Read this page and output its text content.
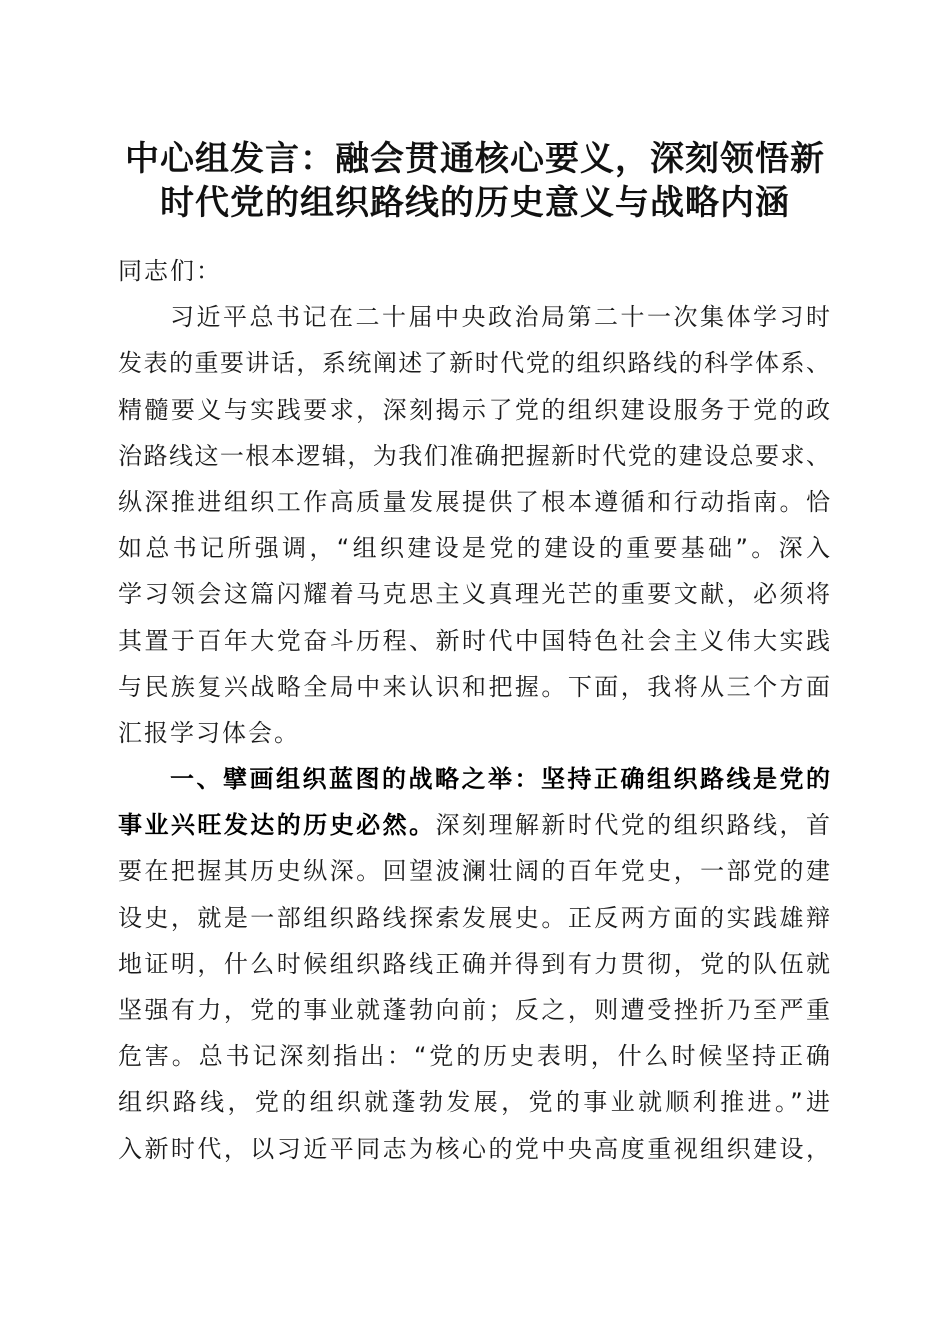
中心组发言：融会贯通核心要义，深刻领悟新
时代党的组织路线的历史意义与战略内涵
同志们：
习近平总书记在二十届中央政治局第二十一次集体学习时
发表的重要讲话，系统阐述了新时代党的组织路线的科学体系、
精髓要义与实践要求，深刻揭示了党的组织建设服务于党的政
治路线这一根本逻辑，为我们准确把握新时代党的建设总要求、
纵深推进组织工作高质量发展提供了根本遵循和行动指南。恰
如总书记所强调，“组织建设是党的建设的重要基础”。深入
学习领会这篇闪耀着马克思主义真理光芒的重要文献，必须将
其置于百年大党奋斗历程、新时代中国特色社会主义伟大实践
与民族复兴战略全局中来认识和把握。下面，我将从三个方面
汇报学习体会。
一、擘画组织蓝图的战略之举：坚持正确组织路线是党的
事业兴旺发达的历史必然。深刻理解新时代党的组织路线，首
要在把握其历史纵深。回望波澜壮阔的百年党史，一部党的建
设史，就是一部组织路线探索发展史。正反两方面的实践雄辩
地证明，什么时候组织路线正确并得到有力贯彻，党的队伍就
坚强有力，党的事业就蓬勃向前；反之，则遭受挫折乃至严重
危害。总书记深刻指出：“党的历史表明，什么时候坚持正确
组织路线，党的组织就蓬勃发展，党的事业就顺利推进。”进
入新时代，以习近平同志为核心的党中央高度重视组织建设，
